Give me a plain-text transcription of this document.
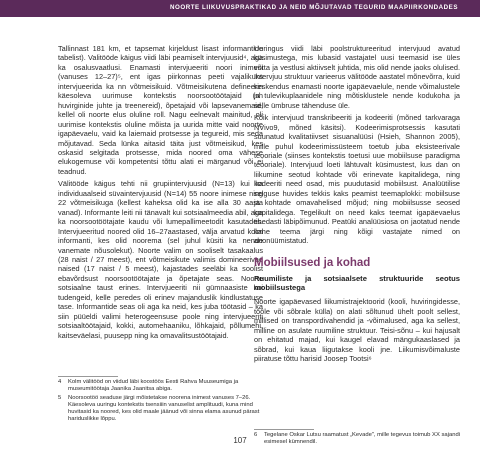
NOORTE LIIKUVUSPRAKTIKAD JA NEID MÕJUTAVAD TEGURID MAAPIIRKONDADES

Tallinnast 181 km, et tapsemat kirjeldust lisast informantide tabelist). Valitööde käigus viidi läbi peamiselt intervjuusid⁴, aga ka osalusvaatlusi. Enamasti intervjueeriti noori inimesi (vanuses 12–27)⁵, ent igas piirkonnas peeti vajalikuks intervjueerida ka nn võtmeisikuid. Võtmeisikutena defineerin käesoleva uurimuse kontekstis noorsootöötajaid (sh huvirginide juhte ja treenereid), õpetajaid või lapsevanemaid, kellel oli noorte elus oluline roll. Nagu eelnevalt mainitud, oli uurimise kontekstis oluline mõista ja uurida mitte vaid noorte igapäevaelu, vaid ka laiemaid protsesse ja tegureid, mis seda mõjutavad. Seda lünka aitasid täita just võtmeisikud, kes oskasid selgitada protsesse, mida noored oma vähese elukogemuse või kompetentsi tõttu alati ei märganud või ei teadnud.

Välitööde käigus tehti nii grupiintervjuusid (N=13) kui ka individuaalseid süvaintervjuusid (N=14) 55 noore inimese ning 22 võtmeisikuga (kellest kaheksa olid ka ise alla 30 aasta vanad). Informante leiti nii tänavalt kui sotsiaalmeedia abil, aga ka noorsootöötajate kaudu või lumepallimeetodit kasutades. Intervjueeritud noored olid 16–27aastased, välja arvatud kolm informanti, kes olid noorema (sel juhul küsiti ka nende vanemate nõusolekut). Noorte valim on sooliselt tasakaalus (28 naist / 27 meest), ent võtmeisikute valimis domineerivad naised (17 naist / 5 meest), kajastades seeläbi ka soolist ebavõrdsust noorsootöötajate ja õpetajate seas. Noorte sotsiaalne taust erines. Intervjueeriti nii gümnaasiste kui tudengeid, kelle peredes oli erinev majanduslik kindlustatuse tase. Informantide seas oli aga ka neid, kes juba töötasid – ka siin püüeldi valimi heterogeensuse poole ning intervjueeriti sotsiaaltöötajaid, kokki, automehaaniku, lõhkajaid, põllumehi, kaitseväelasi, puusepp ning ka omavalitsustöötajaid.

Uuringus viidi läbi poolstruktureeritud intervjuud avatud küsimustega, mis lubasid vastajatel uusi teemasid ise üles võtta ja vestlusi aktiivselt juhtida, mis olid nende jaoks olulised. Intervjuu struktuur varieerus välitööde aastatel mõnevõrra, kuid keskendus enamasti noorte igapäevaelule, nende võimalustele ja tulevikuplaanidele ning mõtisklustele nende kodukoha ja selle ümbruse tähenduse üle.

Kõik intervjuud transkribeeriti ja kodeeriti (mõned tarkvaraga NVivo9, mõned käsitsi). Kodeerimisprotsessis kasutati suunatud kvalitatiivset sisuanalüüsi (Hsieh, Shannon 2005), mille puhul kodeerimissüsteem toetub juba eksisteerivale teooriale (siinses kontekstis toetusi uue mobiilsuse paradigma teooriale). Intervjuud loeti lähtuvalt küsimustest, kus dan on liikumine seotud kohtade või erinevate kapitalidega, ning kodeeriti need osad, mis puudutasid mobiilsust. Analüütilise selguse huvides tekkis kaks peamist teemaplokki: mobiilsuse ja kohtade omavahelised mõjud; ning mobiilsusse seosed kapitalidega. Tegelikult on need kaks teemat igapäevaelus tihedasti läbipõimunud. Peatüki analüüsiosa on jaotatud nende kahe teema järgi ning kõigi vastajate nimed on anonüümistatud.

Mobiilsused ja kohad
Ruumiliste ja sotsiaalsete struktuuride seotus mobiilsustega

Noorte igapäevased liikumistrajektoorid (kooli, huviringidesse, tööle või sõbrale külla) on alati sõltunud ühelt poolt sellest, millised on transpordivahendid ja -võimalused, aga ka sellest, milline on asulate ruumiline struktuur. Teisi-sõnu – kui hajusalt on ehitatud majad, kui kaugel elavad mängukaaslased ja sõbrad, kui kaua liigutakse kooli jne. Liikumisvõimaluste piiratuse tõttu harisid Joosep Tootsi⁶

4 Kolm välitööd on viidud läbi koostöös Eesti Rahva Muuseumiga ja museumitöötaja Jaanika Jaanitsa abiga.
5 Noorsootöö seaduse järgi mõistetakse noorena inimest vanuses 7–26. Käesoleva uuringu kontekstis tsensiiin vanuselist amplituudi, kuna mind huvitasid ka noored, kes olid maale jäänud või sinna elama asunud pärast hariduslikke lõppu.
6 Tegelane Oskar Lutsu raamatust „Kevade", mille tegevus toimub XX sajandi esimesel kümnendil.
107
